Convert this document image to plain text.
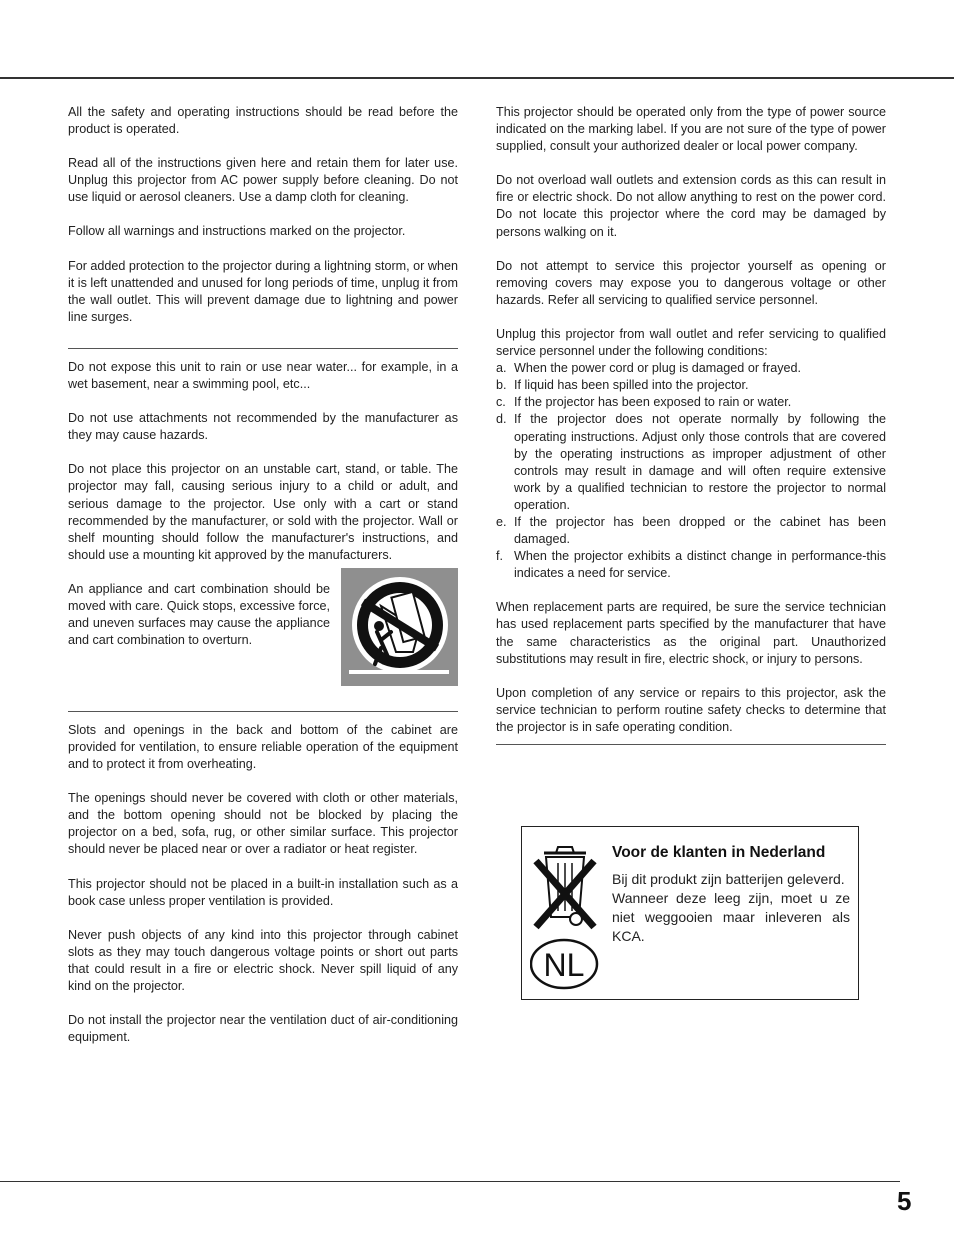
All the safety and operating instructions should be read before the product is operated.

Read all of the instructions given here and retain them for later use. Unplug this projector from AC power supply before cleaning. Do not use liquid or aerosol cleaners. Use a damp cloth for cleaning.

Follow all warnings and instructions marked on the projector.

For added protection to the projector during a lightning storm, or when it is left unattended and unused for long periods of time, unplug it from the wall outlet. This will prevent damage due to lightning and power line surges.

Do not expose this unit to rain or use near water... for example, in a wet basement, near a swimming pool, etc...

Do not use attachments not recommended by the manufacturer as they may cause hazards.

Do not place this projector on an unstable cart, stand, or table. The projector may fall, causing serious injury to a child or adult, and serious damage to the projector. Use only with a cart or stand recommended by the manufacturer, or sold with the projector. Wall or shelf mounting should follow the manufacturer's instructions, and should use a mounting kit approved by the manufacturers.

An appliance and cart combination should be moved with care. Quick stops, excessive force, and uneven surfaces may cause the appliance and cart combination to overturn.

Slots and openings in the back and bottom of the cabinet are provided for ventilation, to ensure reliable operation of the equipment and to protect it from overheating.

The openings should never be covered with cloth or other materials, and the bottom opening should not be blocked by placing the projector on a bed, sofa, rug, or other similar surface. This projector should never be placed near or over a radiator or heat register.

This projector should not be placed in a built-in installation such as a book case unless proper ventilation is provided.

Never push objects of any kind into this projector through cabinet slots as they may touch dangerous voltage points or short out parts that could result in a fire or electric shock. Never spill liquid of any kind on the projector.

Do not install the projector near the ventilation duct of air-conditioning equipment.

This projector should be operated only from the type of power source indicated on the marking label. If you are not sure of the type of power supplied, consult your authorized dealer or local power company.

Do not overload wall outlets and extension cords as this can result in fire or electric shock. Do not allow anything to rest on the power cord. Do not locate this projector where the cord may be damaged by persons walking on it.

Do not attempt to service this projector yourself as opening or removing covers may expose you to dangerous voltage or other hazards. Refer all servicing to qualified service personnel.

Unplug this projector from wall outlet and refer servicing to qualified service personnel under the following conditions:

a. When the power cord or plug is damaged or frayed.
b. If liquid has been spilled into the projector.
c. If the projector has been exposed to rain or water.
d. If the projector does not operate normally by following the operating instructions. Adjust only those controls that are covered by the operating instructions as improper adjustment of other controls may result in damage and will often require extensive work by a qualified technician to restore the projector to normal operation.
e. If the projector has been dropped or the cabinet has been damaged.
f. When the projector exhibits a distinct change in performance-this indicates a need for service.

When replacement parts are required, be sure the service technician has used replacement parts specified by the manufacturer that have the same characteristics as the original part. Unauthorized substitutions may result in fire, electric shock, or injury to persons.

Upon completion of any service or repairs to this projector, ask the service technician to perform routine safety checks to determine that the projector is in safe operating condition.

NL
Voor de klanten in Nederland

Bij dit produkt zijn batterijen geleverd.

Wanneer deze leeg zijn, moet u ze niet weggooien maar inleveren als KCA.

5
